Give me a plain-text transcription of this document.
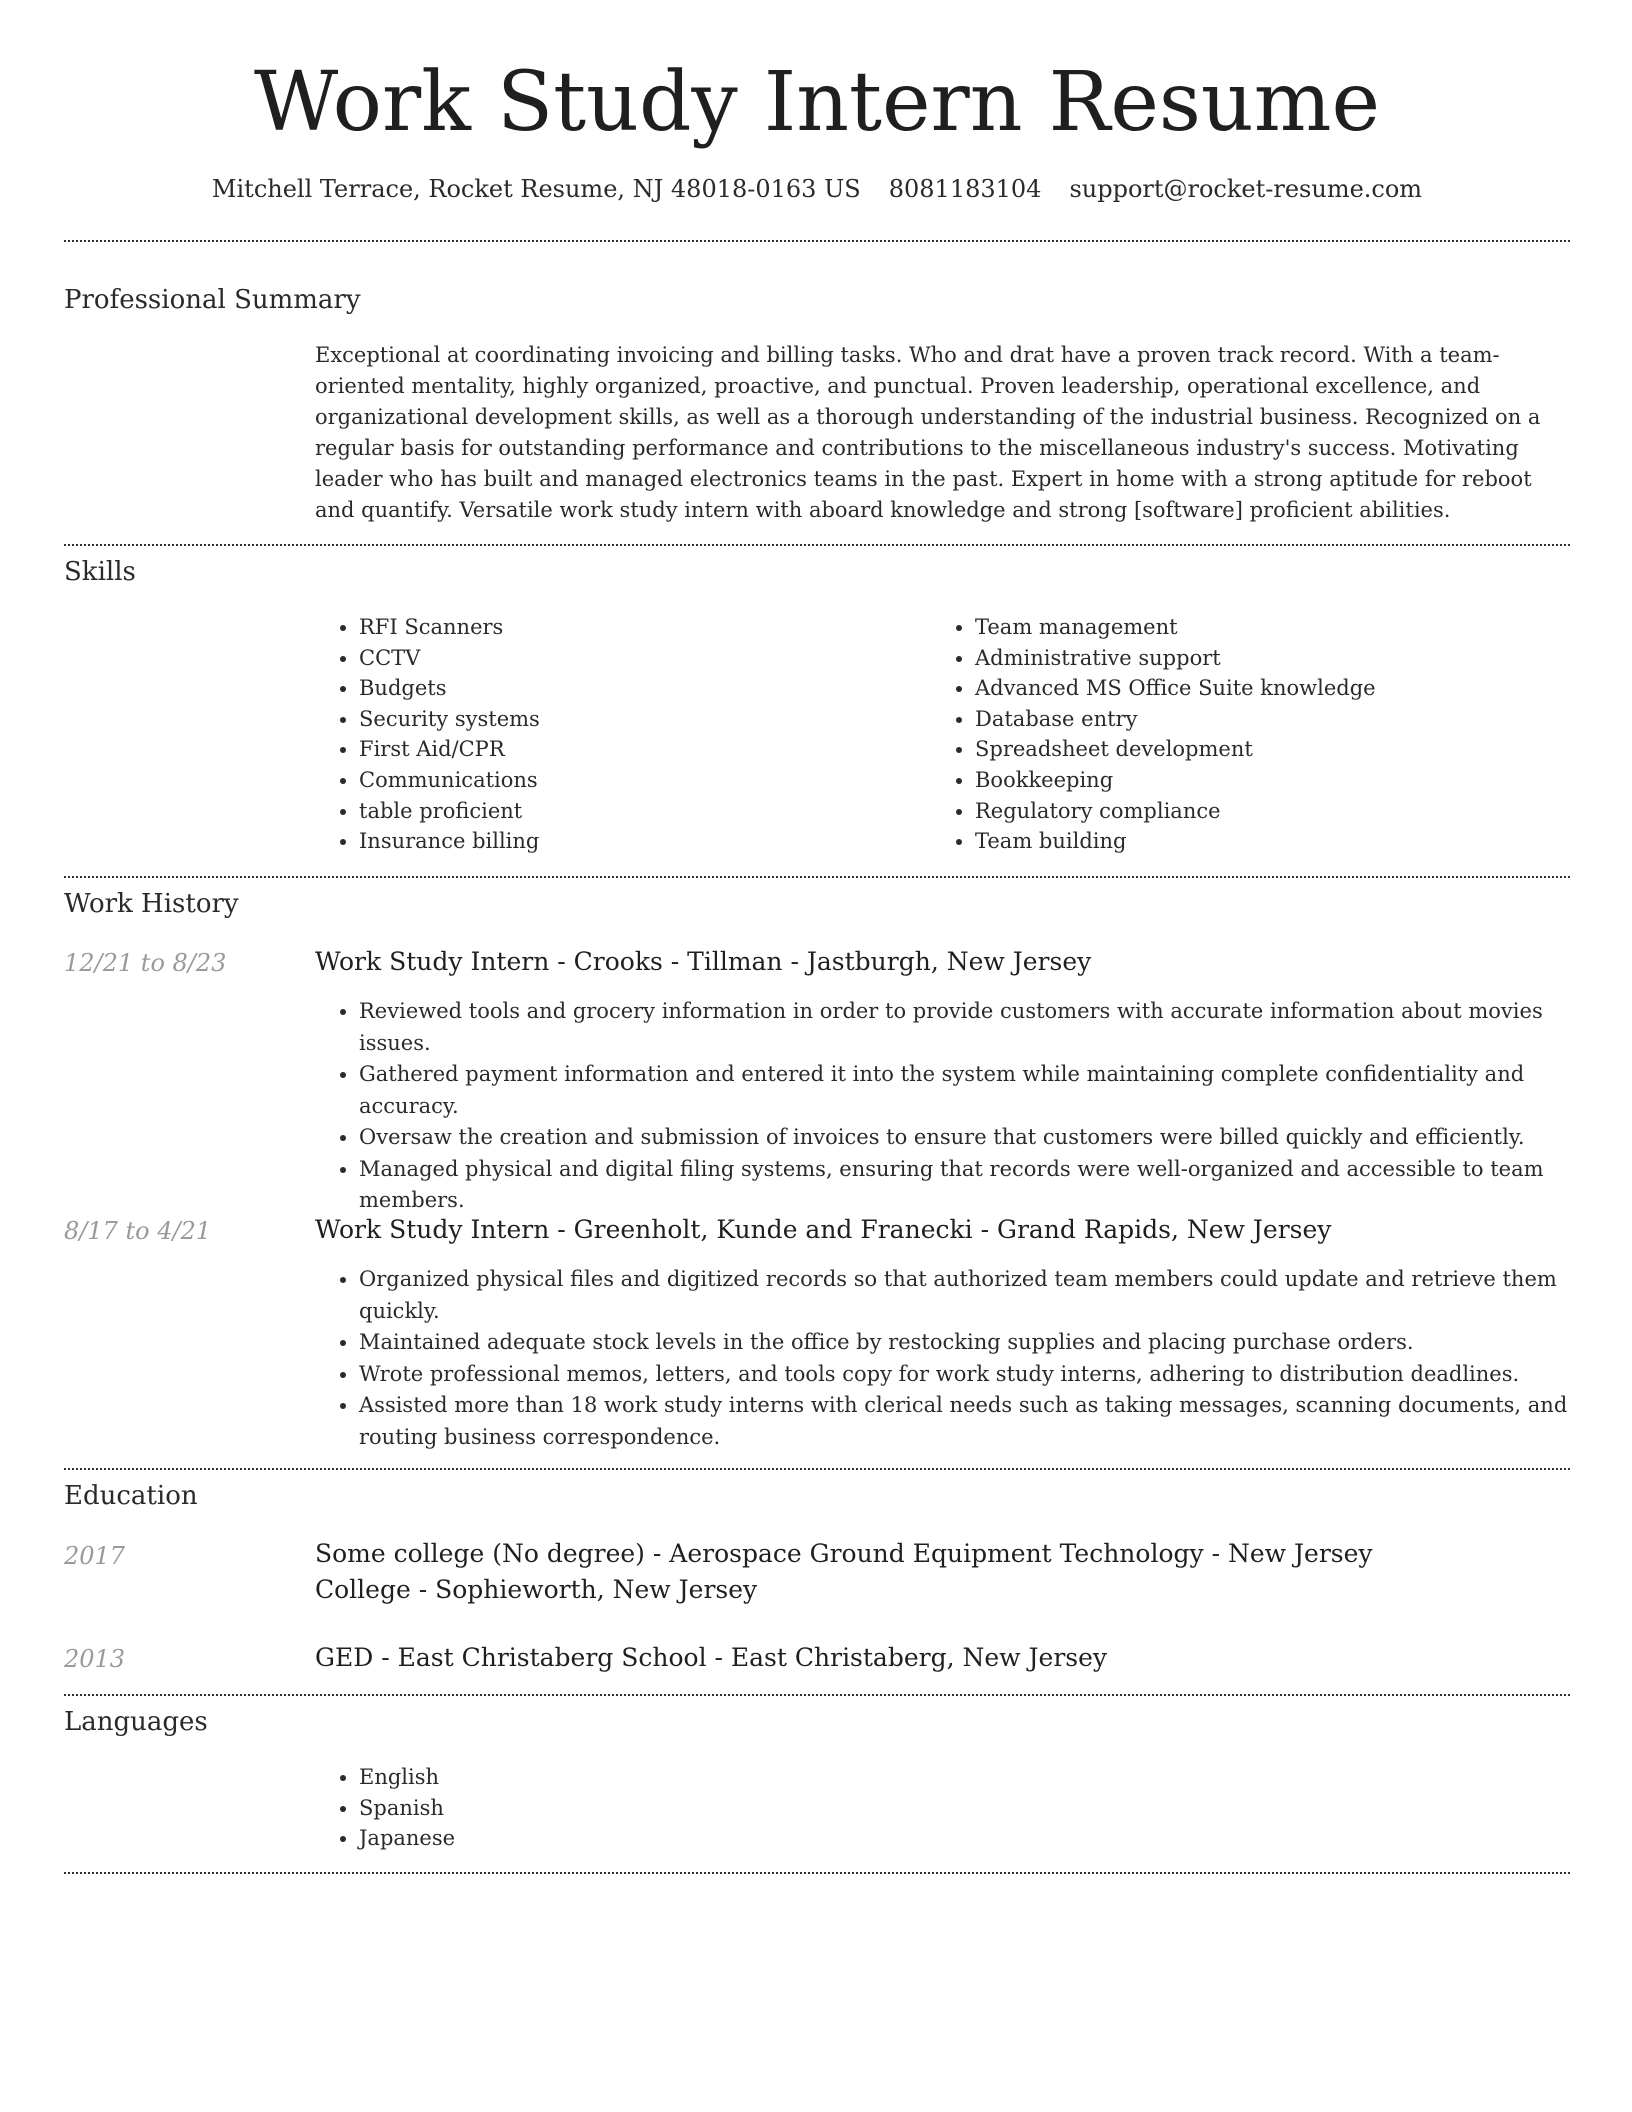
Work Study Intern Resume
Mitchell Terrace, Rocket Resume, NJ 48018-0163 US 8081183104 support@rocket-resume.com
Professional Summary
Exceptional at coordinating invoicing and billing tasks. Who and drat have a proven track record. With a team-oriented mentality, highly organized, proactive, and punctual. Proven leadership, operational excellence, and organizational development skills, as well as a thorough understanding of the industrial business. Recognized on a regular basis for outstanding performance and contributions to the miscellaneous industry's success. Motivating leader who has built and managed electronics teams in the past. Expert in home with a strong aptitude for reboot and quantify. Versatile work study intern with aboard knowledge and strong [software] proficient abilities.
Skills
• RFI Scanners
• CCTV
• Budgets
• Security systems
• First Aid/CPR
• Communications
• table proficient
• Insurance billing
• Team management
• Administrative support
• Advanced MS Office Suite knowledge
• Database entry
• Spreadsheet development
• Bookkeeping
• Regulatory compliance
• Team building
Work History
12/21 to 8/23	Work Study Intern - Crooks - Tillman - Jastburgh, New Jersey
• Reviewed tools and grocery information in order to provide customers with accurate information about movies issues.
• Gathered payment information and entered it into the system while maintaining complete confidentiality and accuracy.
• Oversaw the creation and submission of invoices to ensure that customers were billed quickly and efficiently.
• Managed physical and digital filing systems, ensuring that records were well-organized and accessible to team members.
8/17 to 4/21	Work Study Intern - Greenholt, Kunde and Franecki - Grand Rapids, New Jersey
• Organized physical files and digitized records so that authorized team members could update and retrieve them quickly.
• Maintained adequate stock levels in the office by restocking supplies and placing purchase orders.
• Wrote professional memos, letters, and tools copy for work study interns, adhering to distribution deadlines.
• Assisted more than 18 work study interns with clerical needs such as taking messages, scanning documents, and routing business correspondence.
Education
2017	Some college (No degree) - Aerospace Ground Equipment Technology - New Jersey College - Sophieworth, New Jersey
2013	GED - East Christaberg School - East Christaberg, New Jersey
Languages
• English
• Spanish
• Japanese
